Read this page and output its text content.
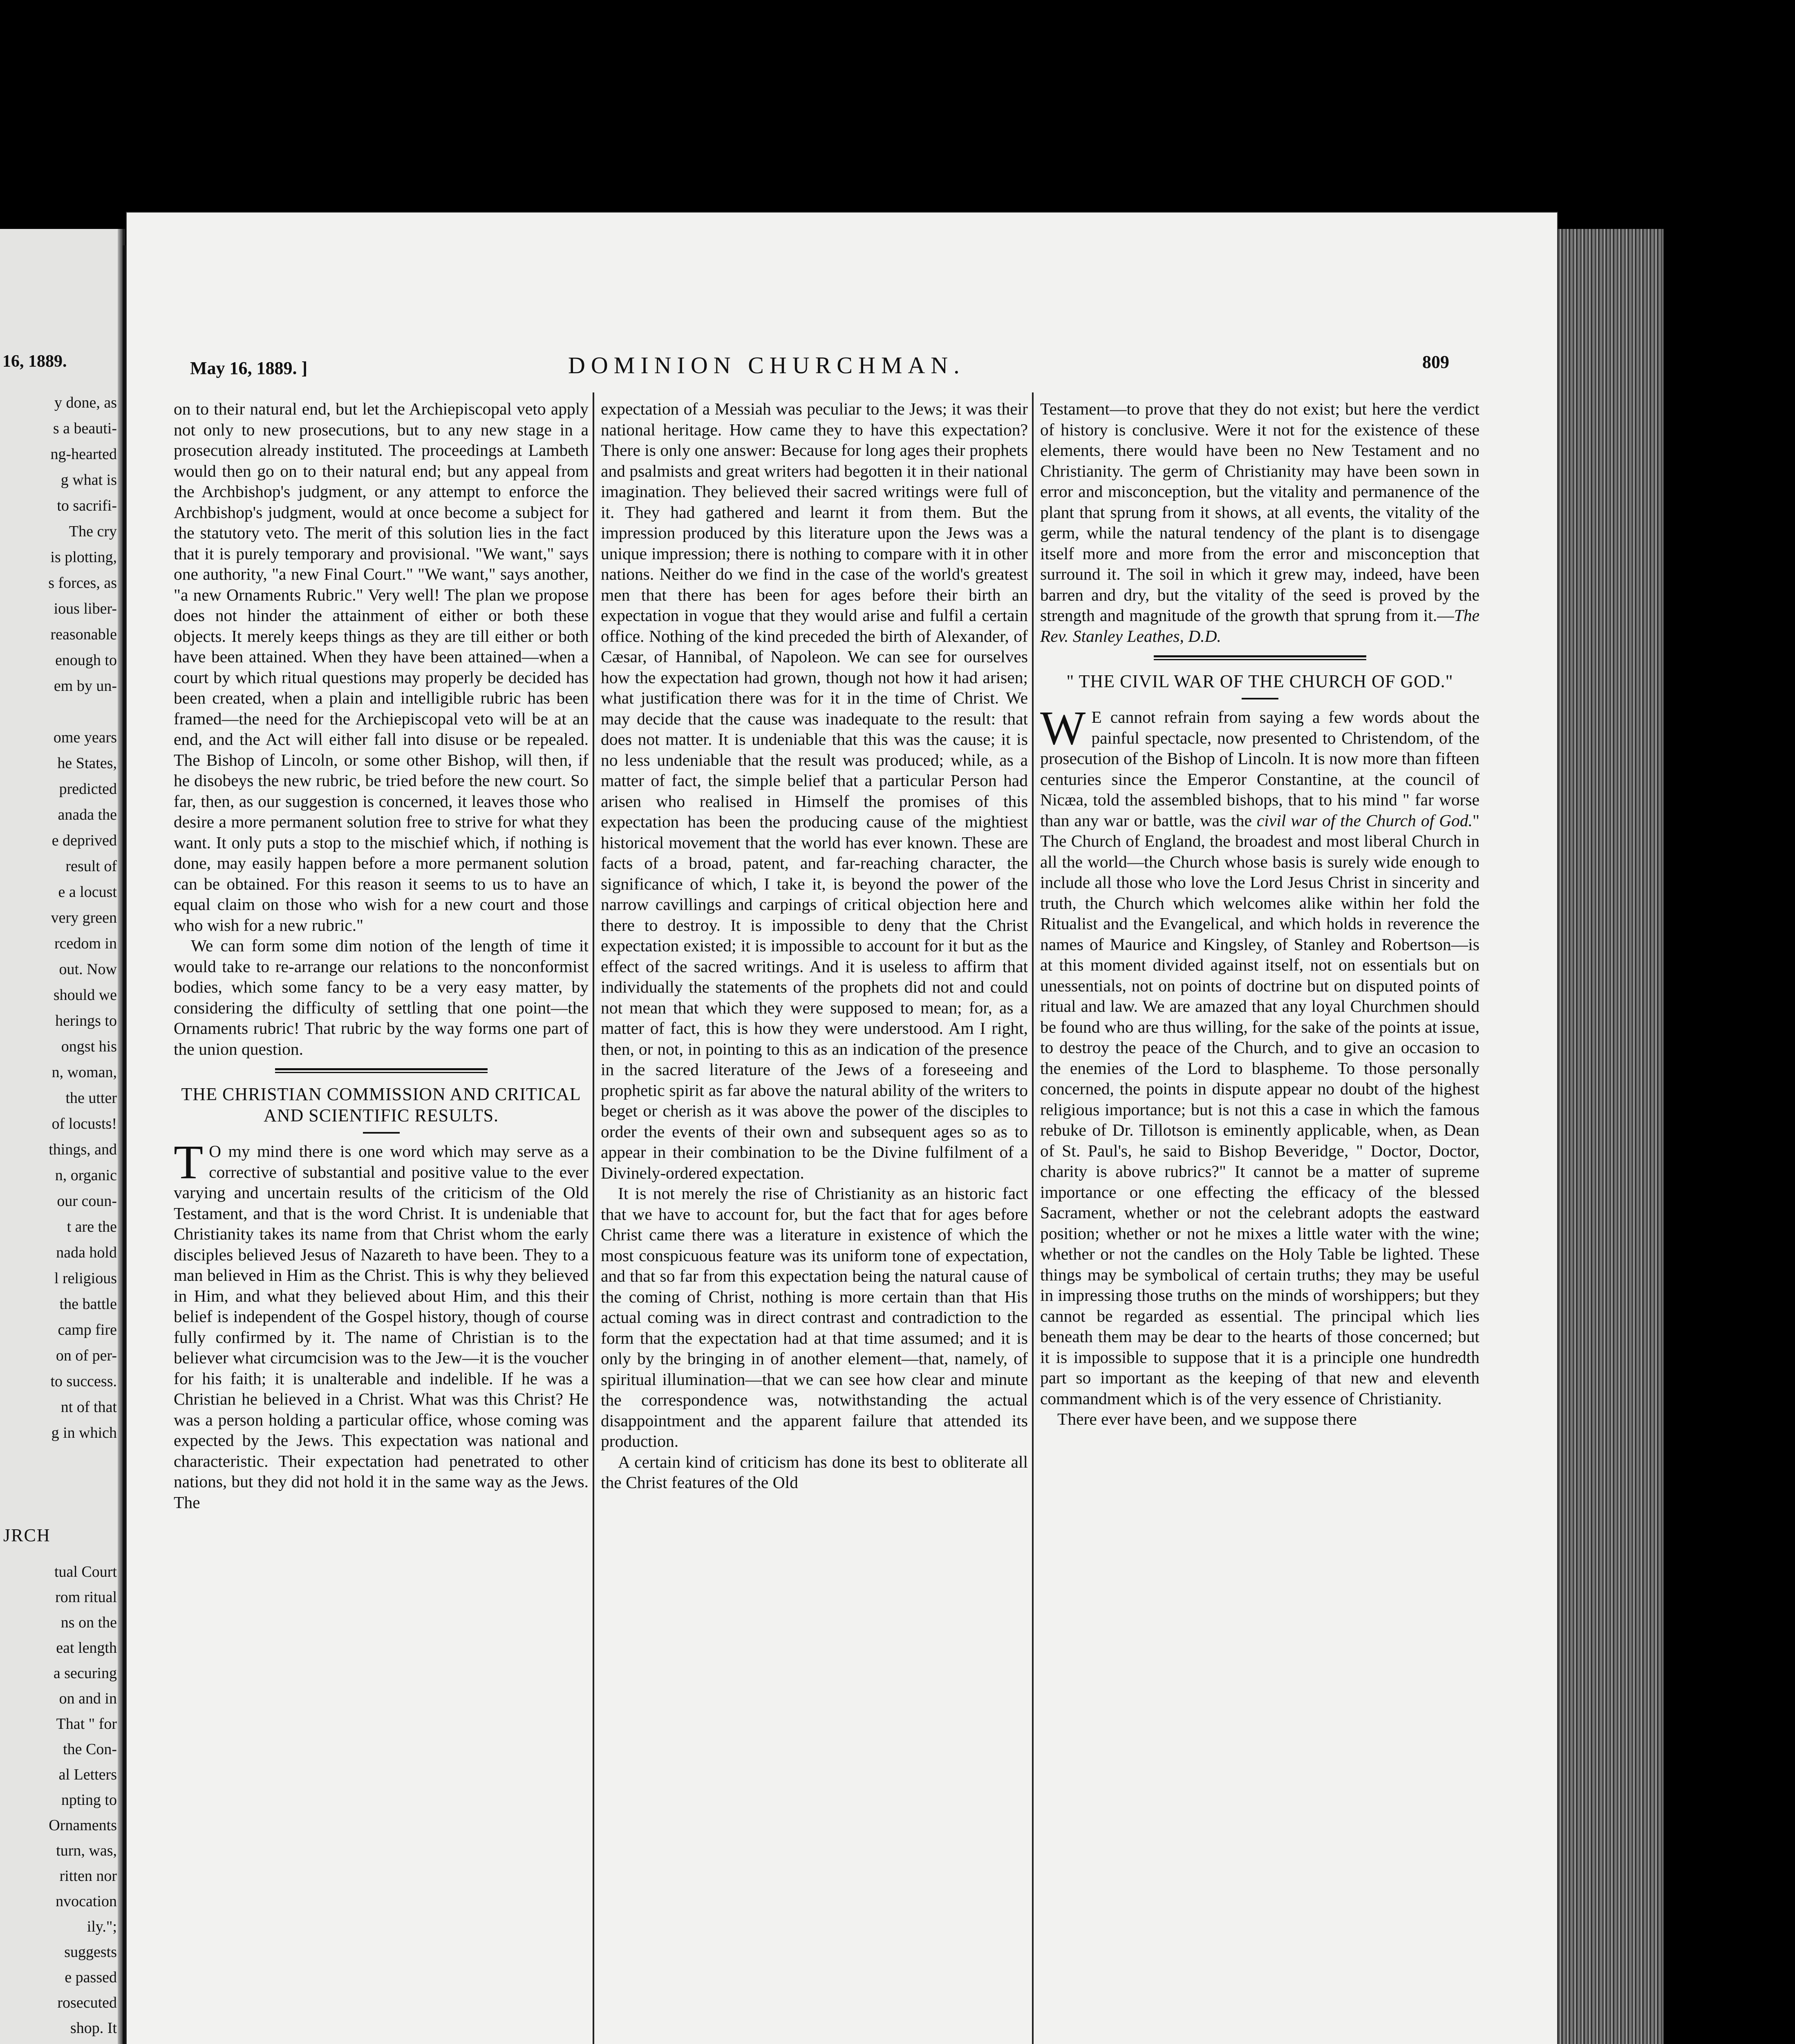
16, 1889.
y done, as
s a beauti-
ng-hearted
g what is
to sacrifi-
The cry
is plotting,
s forces, as
ious liber-
reasonable
enough to
em by un-
ome years
he States,
predicted
anada the
e deprived
result of
e a locust
very green
rcedom in
out. Now
should we
herings to
ongst his
n, woman,
the utter
of locusts!
things, and
n, organic
our coun-
t are the
nada hold
l religious
the battle
camp fire
on of per-
to success.
nt of that
g in which
JRCH
tual Court
rom ritual
ns on the
eat length
a securing
on and in
That " for
the Con-
al Letters
npting to
Ornaments
turn, was,
ritten nor
nvocation
ily.";
suggests
e passed
rosecuted
shop. It
May 16, 1889. ]	DOMINION CHURCHMAN.	809

on to their natural end, but let the Archiepiscopal veto apply not only to new prosecutions, but to any new stage in a prosecution already instituted. The proceedings at Lambeth would then go on to their natural end; but any appeal from the Archbishop's judgment, or any attempt to enforce the Archbishop's judgment, would at once become a subject for the statutory veto. The merit of this solution lies in the fact that it is purely temporary and provisional. "We want," says one authority, "a new Final Court." "We want," says another, "a new Ornaments Rubric." Very well! The plan we propose does not hinder the attainment of either or both these objects. It merely keeps things as they are till either or both have been attained. When they have been attained—when a court by which ritual questions may properly be decided has been created, when a plain and intelligible rubric has been framed—the need for the Archiepiscopal veto will be at an end, and the Act will either fall into disuse or be repealed. The Bishop of Lincoln, or some other Bishop, will then, if he disobeys the new rubric, be tried before the new court. So far, then, as our suggestion is concerned, it leaves those who desire a more permanent solution free to strive for what they want. It only puts a stop to the mischief which, if nothing is done, may easily happen before a more permanent solution can be obtained. For this reason it seems to us to have an equal claim on those who wish for a new court and those who wish for a new rubric."

We can form some dim notion of the length of time it would take to re-arrange our relations to the nonconformist bodies, which some fancy to be a very easy matter, by considering the difficulty of settling that one point—the Ornaments rubric! That rubric by the way forms one part of the union question.

THE CHRISTIAN COMMISSION AND CRITICAL AND SCIENTIFIC RESULTS.

T O my mind there is one word which may serve as a corrective of substantial and positive value to the ever varying and uncertain results of the criticism of the Old Testament, and that is the word Christ. It is undeniable that Christianity takes its name from that Christ whom the early disciples believed Jesus of Nazareth to have been. They to a man believed in Him as the Christ. This is why they believed in Him, and what they believed about Him, and this their belief is independent of the Gospel history, though of course fully confirmed by it. The name of Christian is to the believer what circumcision was to the Jew—it is the voucher for his faith; it is unalterable and indelible. If he was a Christian he believed in a Christ. What was this Christ? He was a person holding a particular office, whose coming was expected by the Jews. This expectation was national and characteristic. Their expectation had penetrated to other nations, but they did not hold it in the same way as the Jews. The

expectation of a Messiah was peculiar to the Jews; it was their national heritage. How came they to have this expectation? There is only one answer: Because for long ages their prophets and psalmists and great writers had begotten it in their national imagination. They believed their sacred writings were full of it. They had gathered and learnt it from them. But the impression produced by this literature upon the Jews was a unique impression; there is nothing to compare with it in other nations. Neither do we find in the case of the world's greatest men that there has been for ages before their birth an expectation in vogue that they would arise and fulfil a certain office. Nothing of the kind preceded the birth of Alexander, of Cæsar, of Hannibal, of Napoleon. We can see for ourselves how the expectation had grown, though not how it had arisen; what justification there was for it in the time of Christ. We may decide that the cause was inadequate to the result: that does not matter. It is undeniable that this was the cause; it is no less undeniable that the result was produced; while, as a matter of fact, the simple belief that a particular Person had arisen who realised in Himself the promises of this expectation has been the producing cause of the mightiest historical movement that the world has ever known. These are facts of a broad, patent, and far-reaching character, the significance of which, I take it, is beyond the power of the narrow cavillings and carpings of critical objection here and there to destroy. It is impossible to deny that the Christ expectation existed; it is impossible to account for it but as the effect of the sacred writings. And it is useless to affirm that individually the statements of the prophets did not and could not mean that which they were supposed to mean; for, as a matter of fact, this is how they were understood. Am I right, then, or not, in pointing to this as an indication of the presence in the sacred literature of the Jews of a foreseeing and prophetic spirit as far above the natural ability of the writers to beget or cherish as it was above the power of the disciples to order the events of their own and subsequent ages so as to appear in their combination to be the Divine fulfilment of a Divinely-ordered expectation.

It is not merely the rise of Christianity as an historic fact that we have to account for, but the fact that for ages before Christ came there was a literature in existence of which the most conspicuous feature was its uniform tone of expectation, and that so far from this expectation being the natural cause of the coming of Christ, nothing is more certain than that His actual coming was in direct contrast and contradiction to the form that the expectation had at that time assumed; and it is only by the bringing in of another element—that, namely, of spiritual illumination—that we can see how clear and minute the correspondence was, notwithstanding the actual disappointment and the apparent failure that attended its production.

A certain kind of criticism has done its best to obliterate all the Christ features of the Old

Testament—to prove that they do not exist; but here the verdict of history is conclusive. Were it not for the existence of these elements, there would have been no New Testament and no Christianity. The germ of Christianity may have been sown in error and misconception, but the vitality and permanence of the plant that sprung from it shows, at all events, the vitality of the germ, while the natural tendency of the plant is to disengage itself more and more from the error and misconception that surround it. The soil in which it grew may, indeed, have been barren and dry, but the vitality of the seed is proved by the strength and magnitude of the growth that sprung from it.—The Rev. Stanley Leathes, D.D.

" THE CIVIL WAR OF THE CHURCH OF GOD."

W E cannot refrain from saying a few words about the painful spectacle, now presented to Christendom, of the prosecution of the Bishop of Lincoln. It is now more than fifteen centuries since the Emperor Constantine, at the council of Nicæa, told the assembled bishops, that to his mind " far worse than any war or battle, was the civil war of the Church of God." The Church of England, the broadest and most liberal Church in all the world—the Church whose basis is surely wide enough to include all those who love the Lord Jesus Christ in sincerity and truth, the Church which welcomes alike within her fold the Ritualist and the Evangelical, and which holds in reverence the names of Maurice and Kingsley, of Stanley and Robertson—is at this moment divided against itself, not on essentials but on unessentials, not on points of doctrine but on disputed points of ritual and law. We are amazed that any loyal Churchmen should be found who are thus willing, for the sake of the points at issue, to destroy the peace of the Church, and to give an occasion to the enemies of the Lord to blaspheme. To those personally concerned, the points in dispute appear no doubt of the highest religious importance; but is not this a case in which the famous rebuke of Dr. Tillotson is eminently applicable, when, as Dean of St. Paul's, he said to Bishop Beveridge, " Doctor, Doctor, charity is above rubrics?" It cannot be a matter of supreme importance or one effecting the efficacy of the blessed Sacrament, whether or not the celebrant adopts the eastward position; whether or not he mixes a little water with the wine; whether or not the candles on the Holy Table be lighted. These things may be symbolical of certain truths; they may be useful in impressing those truths on the minds of worshippers; but they cannot be regarded as essential. The principal which lies beneath them may be dear to the hearts of those concerned; but it is impossible to suppose that it is a principle one hundredth part so important as the keeping of that new and eleventh commandment which is of the very essence of Christianity.

There ever have been, and we suppose there
